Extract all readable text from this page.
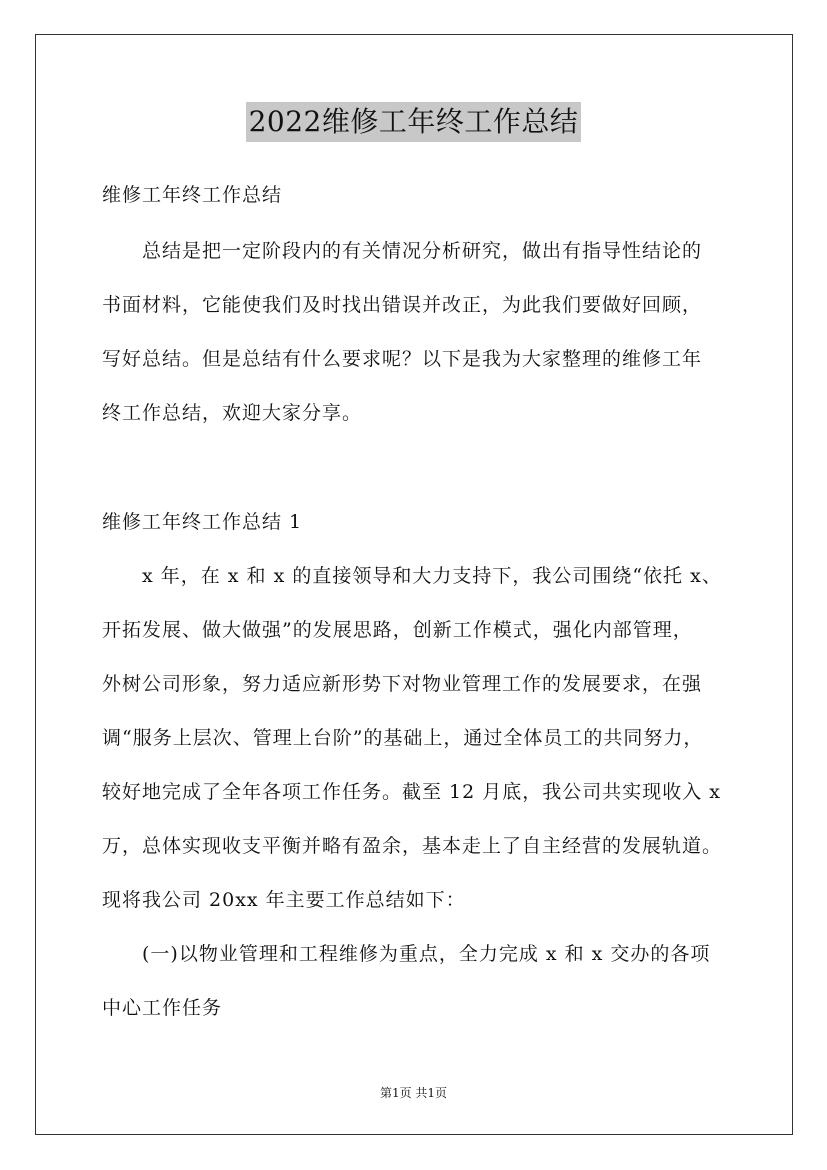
2022维修工年终工作总结
维修工年终工作总结
总结是把一定阶段内的有关情况分析研究，做出有指导性结论的
书面材料，它能使我们及时找出错误并改正，为此我们要做好回顾，
写好总结。但是总结有什么要求呢？以下是我为大家整理的维修工年
终工作总结，欢迎大家分享。
维修工年终工作总结 1
x 年，在 x 和 x 的直接领导和大力支持下，我公司围绕“依托 x、
开拓发展、做大做强”的发展思路，创新工作模式，强化内部管理，
外树公司形象，努力适应新形势下对物业管理工作的发展要求，在强
调“服务上层次、管理上台阶”的基础上，通过全体员工的共同努力，
较好地完成了全年各项工作任务。截至 12 月底，我公司共实现收入 x
万，总体实现收支平衡并略有盈余，基本走上了自主经营的发展轨道。
现将我公司 20xx 年主要工作总结如下：
(一)以物业管理和工程维修为重点，全力完成 x 和 x 交办的各项
中心工作任务
第1页 共1页
